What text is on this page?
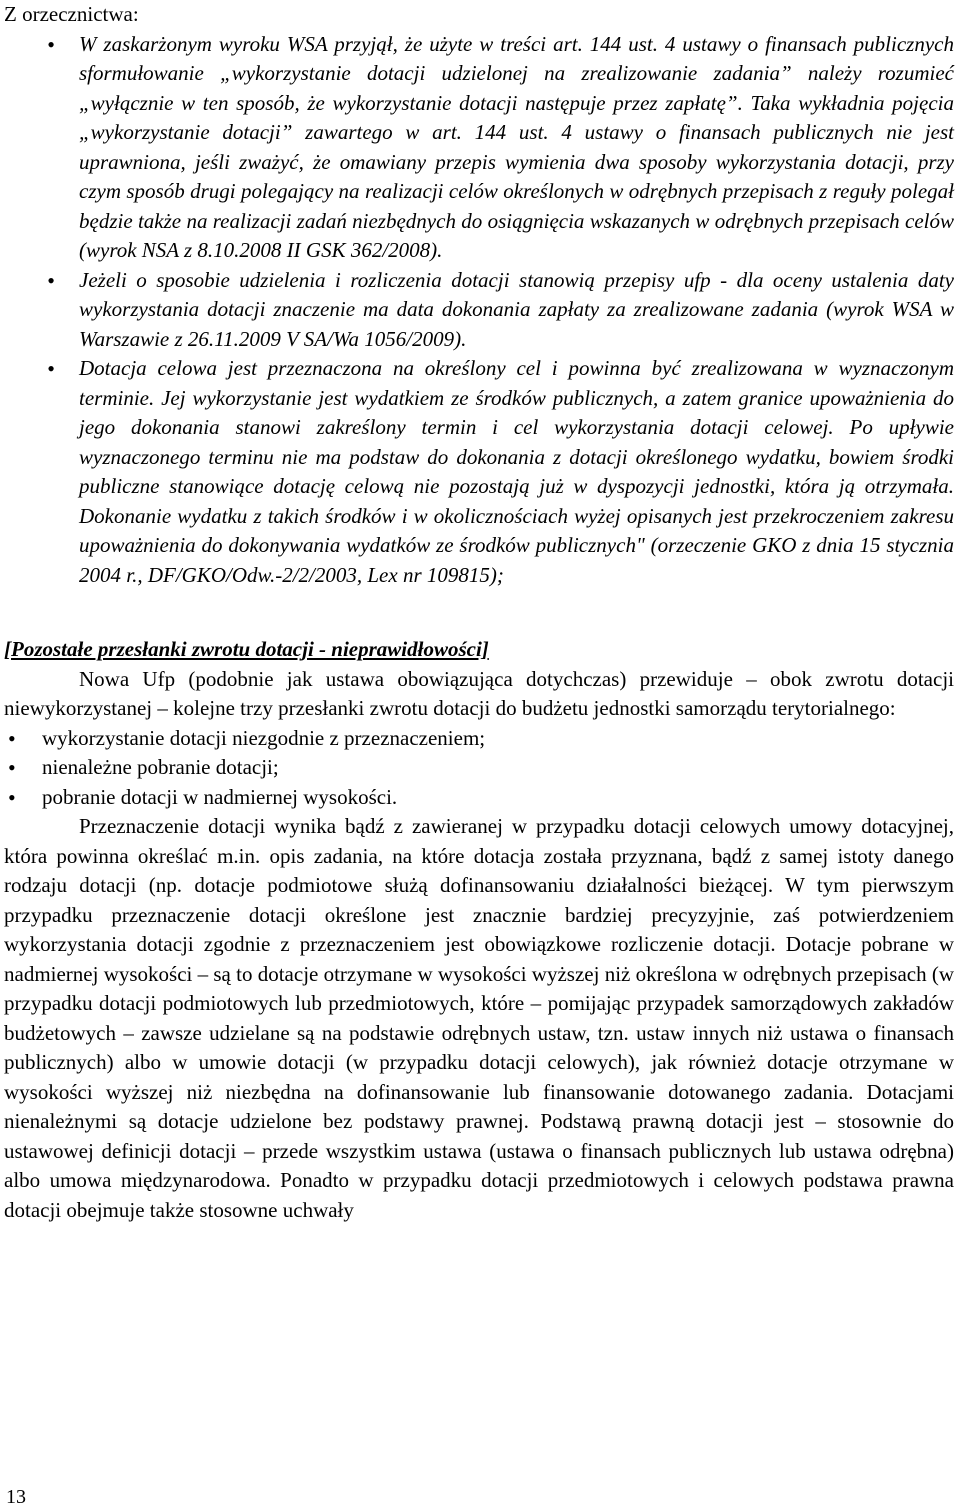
Z orzecznictwa:

• W zaskarżonym wyroku WSA przyjął, że użyte w treści art. 144 ust. 4 ustawy o finansach publicznych sformułowanie „wykorzystanie dotacji udzielonej na zrealizowanie zadania” należy rozumieć „wyłącznie w ten sposób, że wykorzystanie dotacji następuje przez zapłatę”. Taka wykładnia pojęcia „wykorzystanie dotacji” zawartego w art. 144 ust. 4 ustawy o finansach publicznych nie jest uprawniona, jeśli zważyć, że omawiany przepis wymienia dwa sposoby wykorzystania dotacji, przy czym sposób drugi polegający na realizacji celów określonych w odrębnych przepisach z reguły polegał będzie także na realizacji zadań niezbędnych do osiągnięcia wskazanych w odrębnych przepisach celów (wyrok NSA z 8.10.2008 II GSK 362/2008).
• Jeżeli o sposobie udzielenia i rozliczenia dotacji stanowią przepisy ufp - dla oceny ustalenia daty wykorzystania dotacji znaczenie ma data dokonania zapłaty za zrealizowane zadania (wyrok WSA w Warszawie z 26.11.2009 V SA/Wa 1056/2009).
• Dotacja celowa jest przeznaczona na określony cel i powinna być zrealizowana w wyznaczonym terminie. Jej wykorzystanie jest wydatkiem ze środków publicznych, a zatem granice upoważnienia do jego dokonania stanowi zakreślony termin i cel wykorzystania dotacji celowej. Po upływie wyznaczonego terminu nie ma podstaw do dokonania z dotacji określonego wydatku, bowiem środki publiczne stanowiące dotację celową nie pozostają już w dyspozycji jednostki, która ją otrzymała. Dokonanie wydatku z takich środków i w okolicznościach wyżej opisanych jest przekroczeniem zakresu upoważnienia do dokonywania wydatków ze środków publicznych" (orzeczenie GKO z dnia 15 stycznia 2004 r., DF/GKO/Odw.-2/2/2003, Lex nr 109815);

[Pozostałe przesłanki zwrotu dotacji - nieprawidłowości]

Nowa Ufp (podobnie jak ustawa obowiązująca dotychczas) przewiduje – obok zwrotu dotacji niewykorzystanej – kolejne trzy przesłanki zwrotu dotacji do budżetu jednostki samorządu terytorialnego:

• wykorzystanie dotacji niezgodnie z przeznaczeniem;
• nienależne pobranie dotacji;
• pobranie dotacji w nadmiernej wysokości.

Przeznaczenie dotacji wynika bądź z zawieranej w przypadku dotacji celowych umowy dotacyjnej, która powinna określać m.in. opis zadania, na które dotacja została przyznana, bądź z samej istoty danego rodzaju dotacji (np. dotacje podmiotowe służą dofinansowaniu działalności bieżącej. W tym pierwszym przypadku przeznaczenie dotacji określone jest znacznie bardziej precyzyjnie, zaś potwierdzeniem wykorzystania dotacji zgodnie z przeznaczeniem jest obowiązkowe rozliczenie dotacji. Dotacje pobrane w nadmiernej wysokości – są to dotacje otrzymane w wysokości wyższej niż określona w odrębnych przepisach (w przypadku dotacji podmiotowych lub przedmiotowych, które – pomijając przypadek samorządowych zakładów budżetowych – zawsze udzielane są na podstawie odrębnych ustaw, tzn. ustaw innych niż ustawa o finansach publicznych) albo w umowie dotacji (w przypadku dotacji celowych), jak również dotacje otrzymane w wysokości wyższej niż niezbędna na dofinansowanie lub finansowanie dotowanego zadania. Dotacjami nienależnymi są dotacje udzielone bez podstawy prawnej. Podstawą prawną dotacji jest – stosownie do ustawowej definicji dotacji – przede wszystkim ustawa (ustawa o finansach publicznych lub ustawa odrębna) albo umowa międzynarodowa. Ponadto w przypadku dotacji przedmiotowych i celowych podstawa prawna dotacji obejmuje także stosowne uchwały

13
